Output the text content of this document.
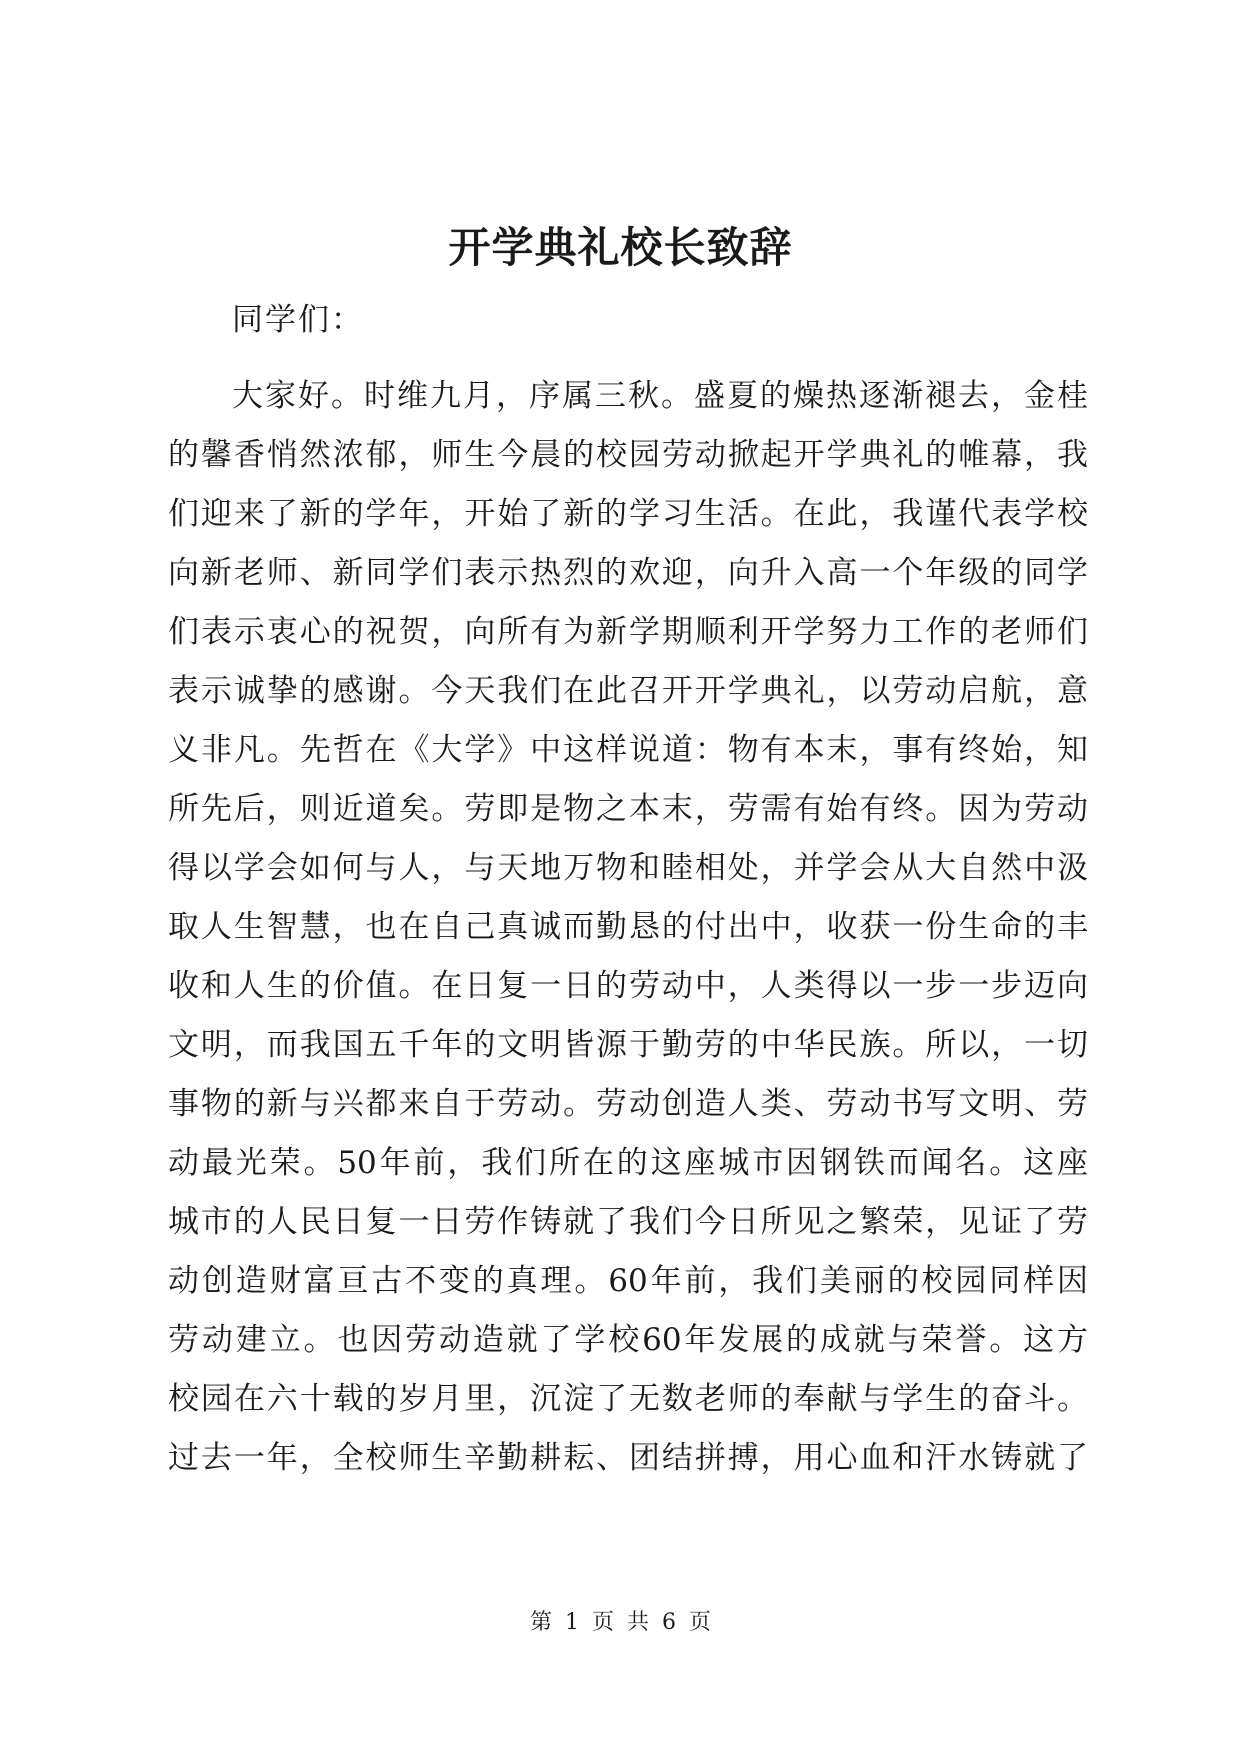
开学典礼校长致辞

同学们：

大家好。时维九月，序属三秋。盛夏的燥热逐渐褪去，金桂
的馨香悄然浓郁，师生今晨的校园劳动掀起开学典礼的帷幕，我
们迎来了新的学年，开始了新的学习生活。在此，我谨代表学校
向新老师、新同学们表示热烈的欢迎，向升入高一个年级的同学
们表示衷心的祝贺，向所有为新学期顺利开学努力工作的老师们
表示诚挚的感谢。今天我们在此召开开学典礼，以劳动启航，意
义非凡。先哲在《大学》中这样说道：物有本末，事有终始，知
所先后，则近道矣。劳即是物之本末，劳需有始有终。因为劳动
得以学会如何与人，与天地万物和睦相处，并学会从大自然中汲
取人生智慧，也在自己真诚而勤恳的付出中，收获一份生命的丰
收和人生的价值。在日复一日的劳动中，人类得以一步一步迈向
文明，而我国五千年的文明皆源于勤劳的中华民族。所以，一切
事物的新与兴都来自于劳动。劳动创造人类、劳动书写文明、劳
动最光荣。50年前，我们所在的这座城市因钢铁而闻名。这座
城市的人民日复一日劳作铸就了我们今日所见之繁荣，见证了劳
动创造财富亘古不变的真理。60年前，我们美丽的校园同样因
劳动建立。也因劳动造就了学校60年发展的成就与荣誉。这方
校园在六十载的岁月里，沉淀了无数老师的奉献与学生的奋斗。
过去一年，全校师生辛勤耕耘、团结拼搏，用心血和汗水铸就了
第 1 页 共 6 页
